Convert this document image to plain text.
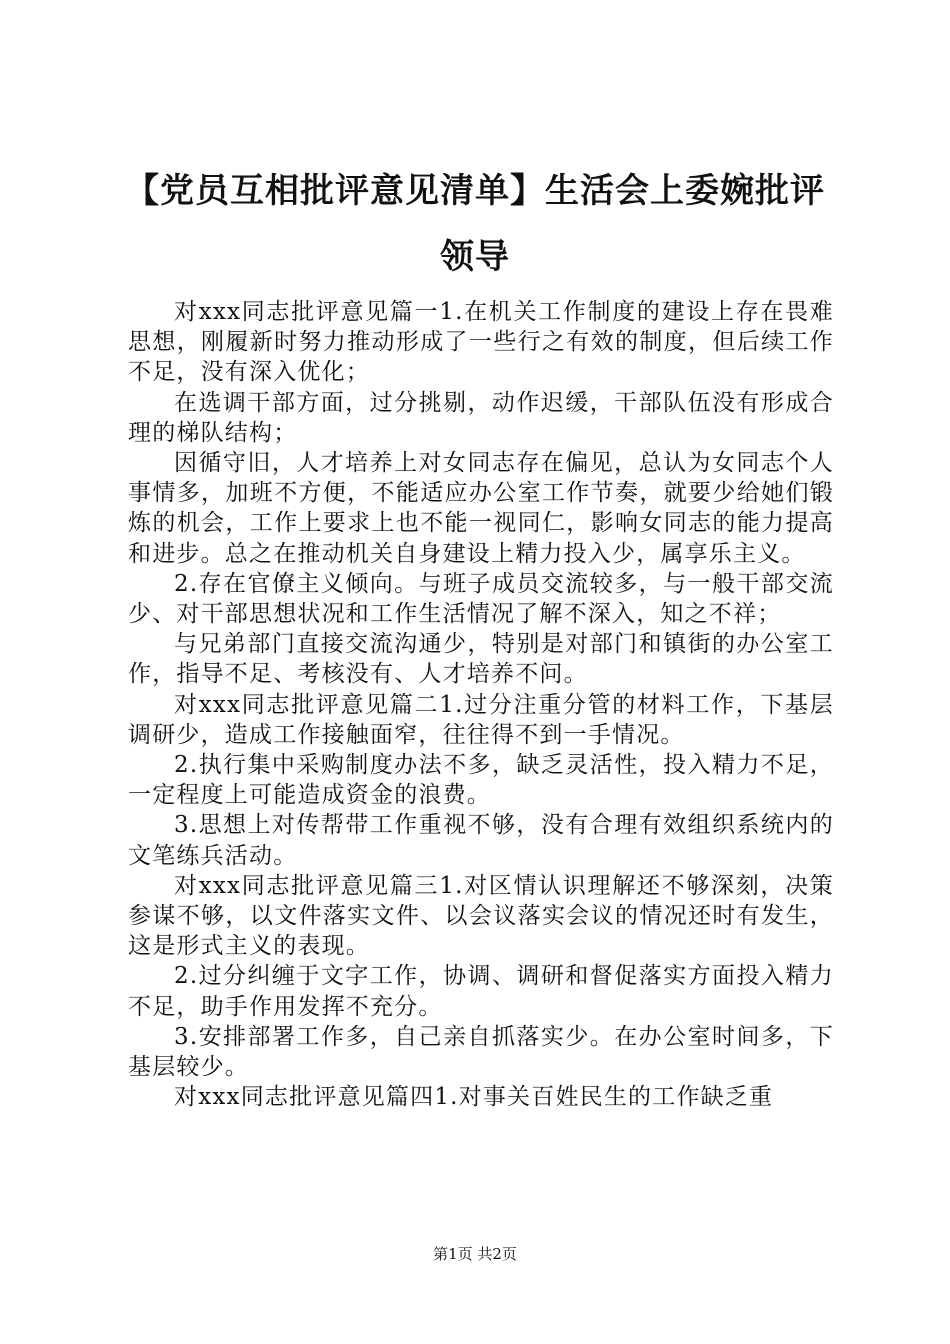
【党员互相批评意见清单】生活会上委婉批评领导

对xxx同志批评意见篇一1.在机关工作制度的建设上存在畏难思想，刚履新时努力推动形成了一些行之有效的制度，但后续工作不足，没有深入优化；

在选调干部方面，过分挑剔，动作迟缓，干部队伍没有形成合理的梯队结构；

因循守旧，人才培养上对女同志存在偏见，总认为女同志个人事情多，加班不方便，不能适应办公室工作节奏，就要少给她们锻炼的机会，工作上要求上也不能一视同仁，影响女同志的能力提高和进步。总之在推动机关自身建设上精力投入少，属享乐主义。

2.存在官僚主义倾向。与班子成员交流较多，与一般干部交流少、对干部思想状况和工作生活情况了解不深入，知之不祥；

与兄弟部门直接交流沟通少，特别是对部门和镇街的办公室工作，指导不足、考核没有、人才培养不问。

对xxx同志批评意见篇二1.过分注重分管的材料工作，下基层调研少，造成工作接触面窄，往往得不到一手情况。

2.执行集中采购制度办法不多，缺乏灵活性，投入精力不足，一定程度上可能造成资金的浪费。

3.思想上对传帮带工作重视不够，没有合理有效组织系统内的文笔练兵活动。

对xxx同志批评意见篇三1.对区情认识理解还不够深刻，决策参谋不够，以文件落实文件、以会议落实会议的情况还时有发生，这是形式主义的表现。

2.过分纠缠于文字工作，协调、调研和督促落实方面投入精力不足，助手作用发挥不充分。

3.安排部署工作多，自己亲自抓落实少。在办公室时间多，下基层较少。

对xxx同志批评意见篇四1.对事关百姓民生的工作缺乏重

第1页 共2页
